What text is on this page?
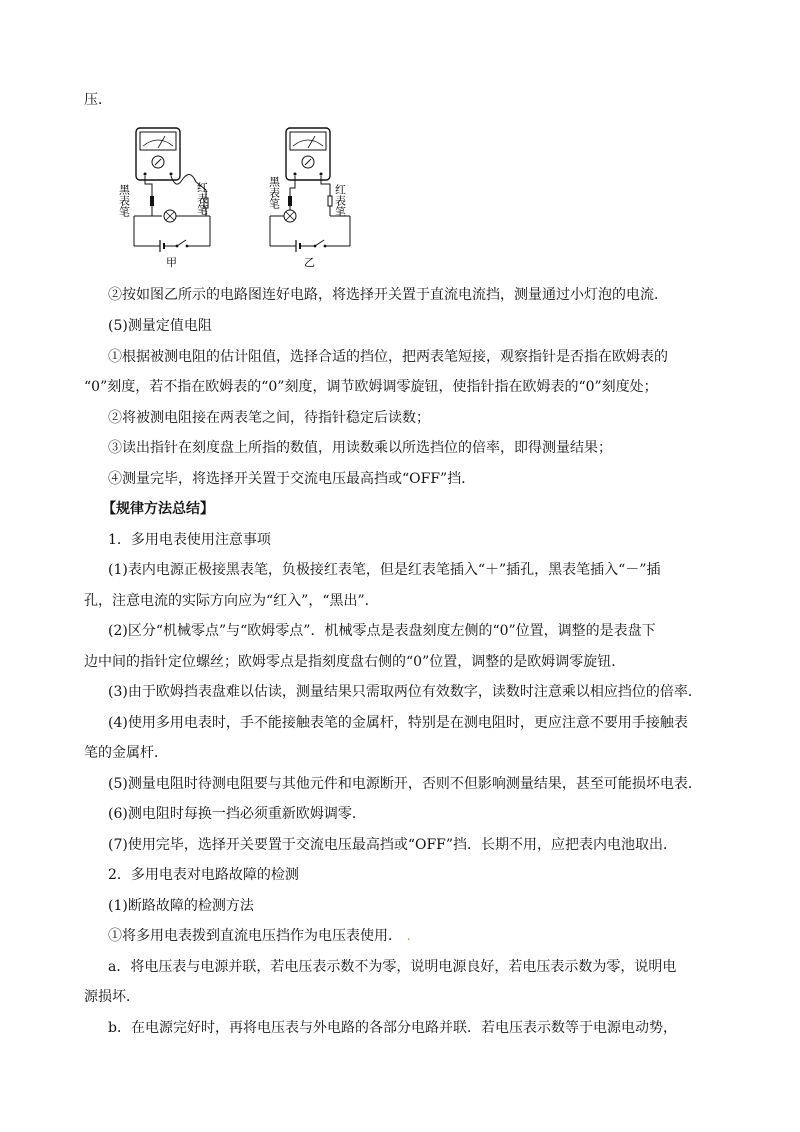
压．
黑表笔	红表笔
甲
黑表笔	红表笔
乙
②按如图乙所示的电路图连好电路，将选择开关置于直流电流挡，测量通过小灯泡的电流．
(5)测量定值电阻
①根据被测电阻的估计阻值，选择合适的挡位，把两表笔短接，观察指针是否指在欧姆表的
“0”刻度，若不指在欧姆表的“0”刻度，调节欧姆调零旋钮，使指针指在欧姆表的“0”刻度处；
②将被测电阻接在两表笔之间，待指针稳定后读数；
③读出指针在刻度盘上所指的数值，用读数乘以所选挡位的倍率，即得测量结果；
④测量完毕，将选择开关置于交流电压最高挡或“OFF”挡．
【规律方法总结】
1．多用电表使用注意事项
(1)表内电源正极接黑表笔，负极接红表笔，但是红表笔插入“＋”插孔，黑表笔插入“－”插
孔，注意电流的实际方向应为“红入”，“黑出”．
(2)区分“机械零点”与“欧姆零点”．机械零点是表盘刻度左侧的“0”位置，调整的是表盘下
边中间的指针定位螺丝；欧姆零点是指刻度盘右侧的“0”位置，调整的是欧姆调零旋钮．
(3)由于欧姆挡表盘难以估读，测量结果只需取两位有效数字，读数时注意乘以相应挡位的倍率．
(4)使用多用电表时，手不能接触表笔的金属杆，特别是在测电阻时，更应注意不要用手接触表
笔的金属杆．
(5)测量电阻时待测电阻要与其他元件和电源断开，否则不但影响测量结果，甚至可能损坏电表．
(6)测电阻时每换一挡必须重新欧姆调零．
(7)使用完毕，选择开关要置于交流电压最高挡或“OFF”挡．长期不用，应把表内电池取出．
2．多用电表对电路故障的检测
(1)断路故障的检测方法
①将多用电表拨到直流电压挡作为电压表使用． .
a．将电压表与电源并联，若电压表示数不为零，说明电源良好，若电压表示数为零，说明电
源损坏．
b．在电源完好时，再将电压表与外电路的各部分电路并联．若电压表示数等于电源电动势，
